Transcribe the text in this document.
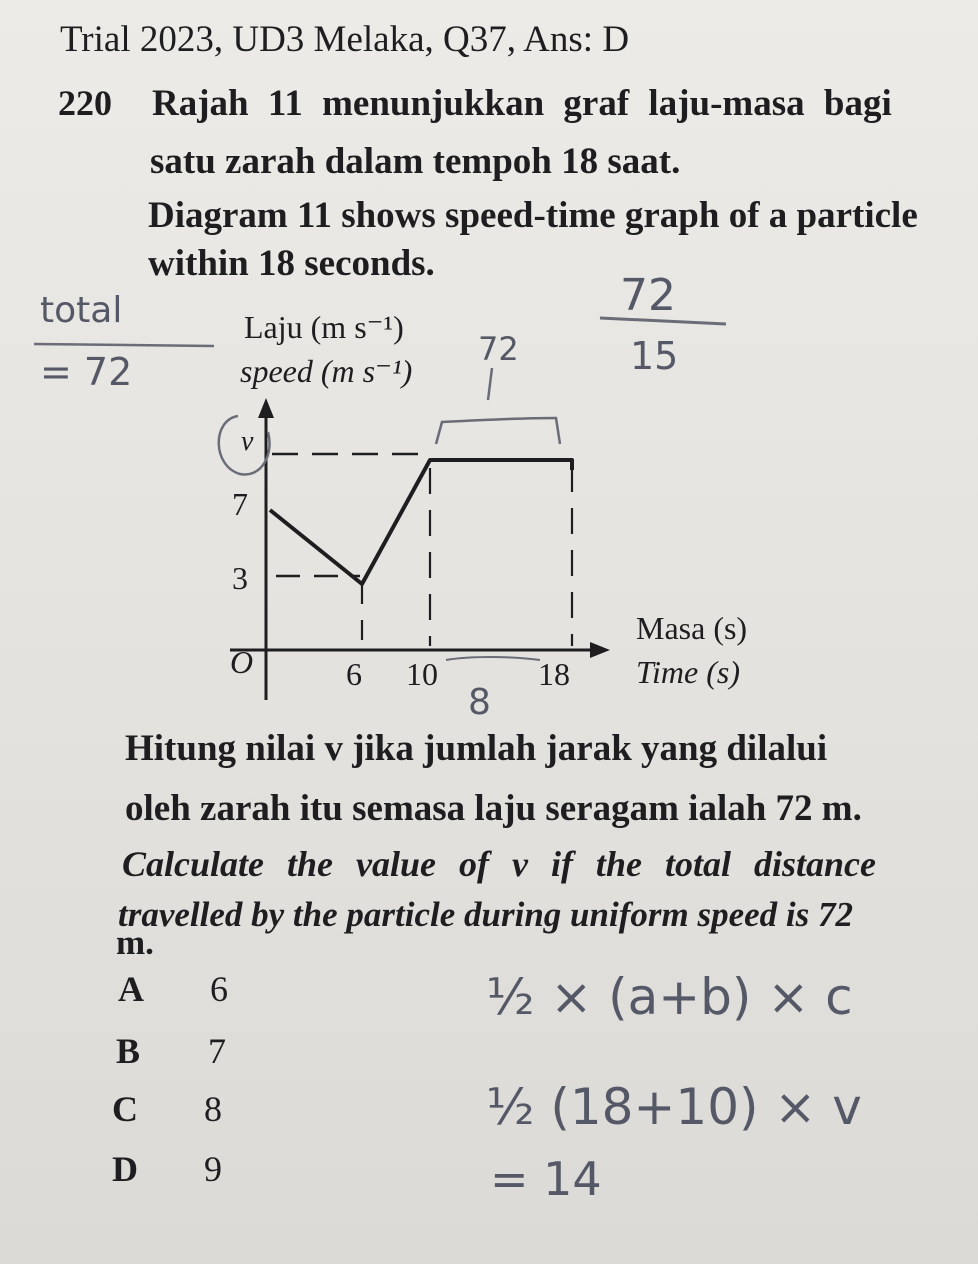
Trial 2023, UD3 Melaka, Q37, Ans: D
220 Rajah 11 menunjukkan graf laju-masa bagi
satu zarah dalam tempoh 18 saat.
Diagram 11 shows speed-time graph of a particle
within 18 seconds.
Laju (m s⁻¹)
speed (m s⁻¹)
v
7
3
O	6 10	18
Masa (s)
Time (s)
total
= 72
72
72
15
8
½ × (a+b) × c
½ (18+10) × v
= 14
Hitung nilai v jika jumlah jarak yang dilalui
oleh zarah itu semasa laju seragam ialah 72 m.
Calculate the value of v if the total distance
travelled by the particle during uniform speed is 72
m.
A 6
B 7
C 8
D 9
